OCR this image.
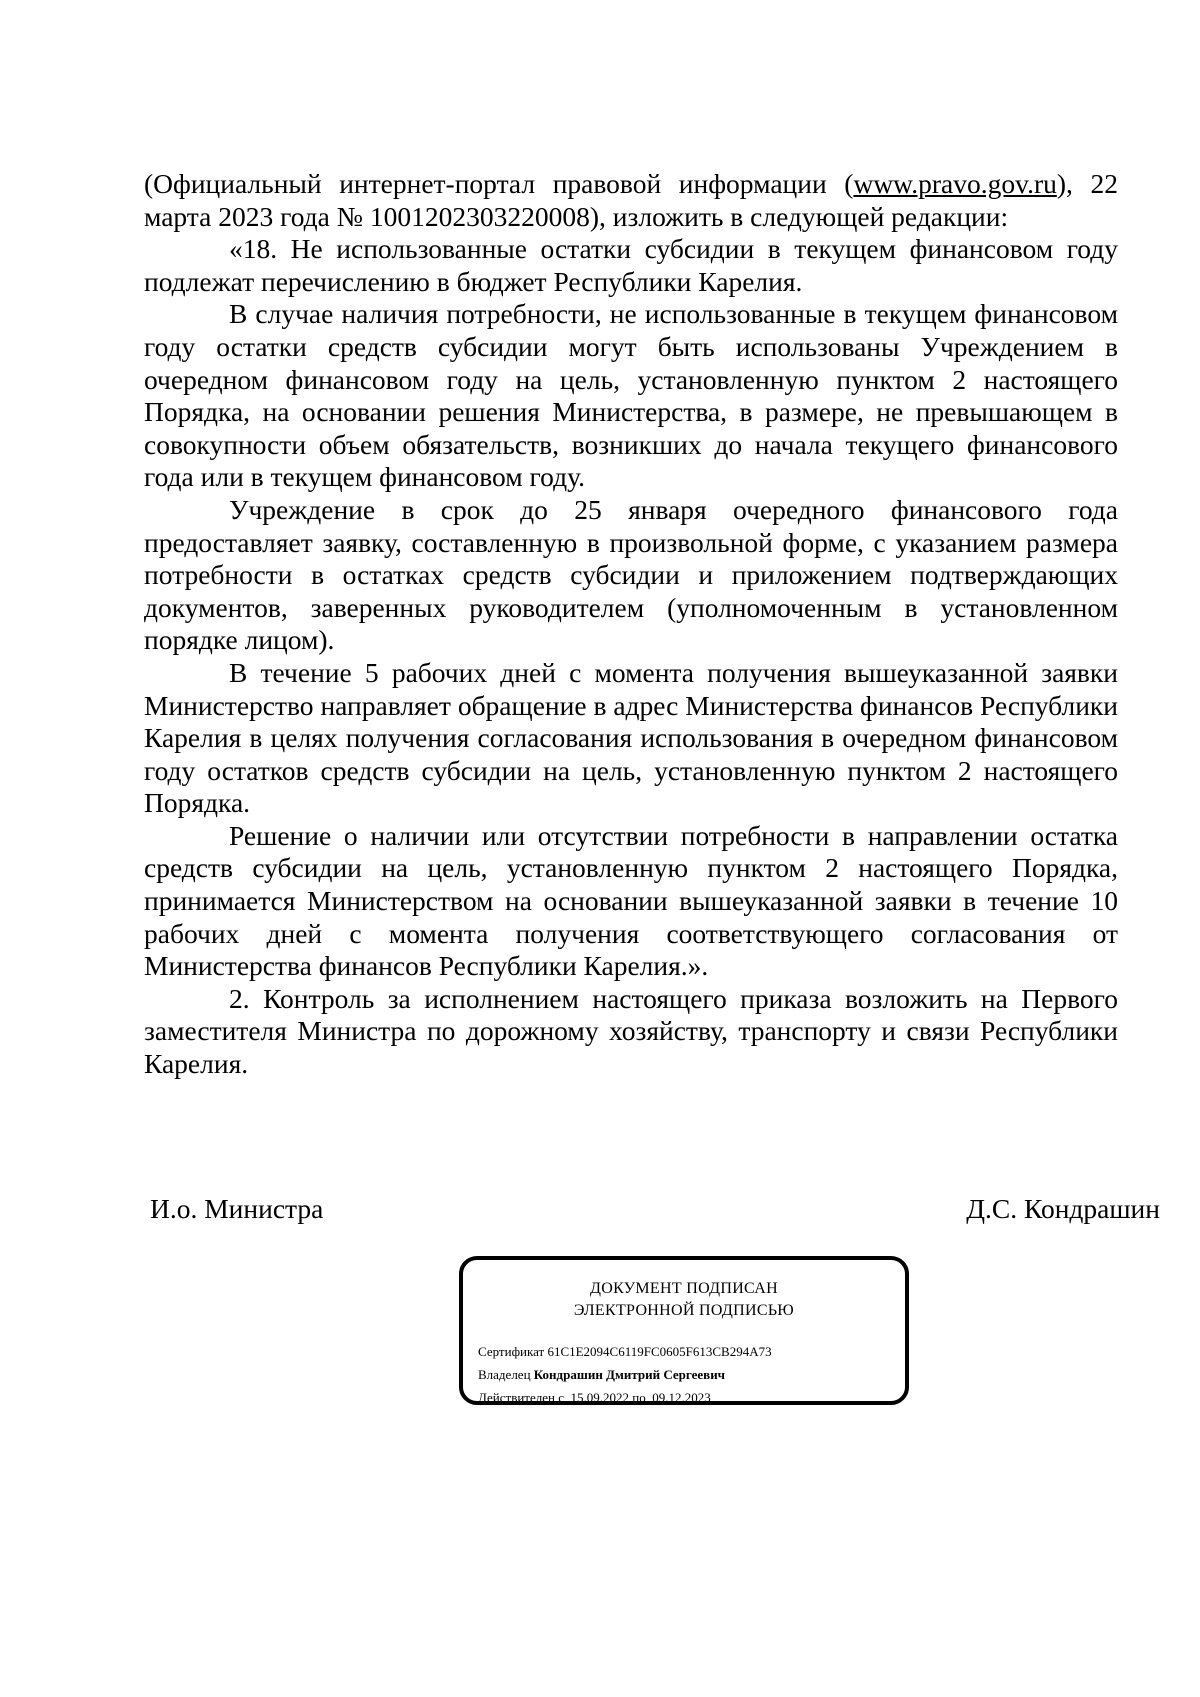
(Официальный интернет-портал правовой информации (www.pravo.gov.ru), 22 марта 2023 года № 1001202303220008), изложить в следующей редакции:

«18. Не использованные остатки субсидии в текущем финансовом году подлежат перечислению в бюджет Республики Карелия.

В случае наличия потребности, не использованные в текущем финансовом году остатки средств субсидии могут быть использованы Учреждением в очередном финансовом году на цель, установленную пунктом 2 настоящего Порядка, на основании решения Министерства, в размере, не превышающем в совокупности объем обязательств, возникших до начала текущего финансового года или в текущем финансовом году.

Учреждение в срок до 25 января очередного финансового года предоставляет заявку, составленную в произвольной форме, с указанием размера потребности в остатках средств субсидии и приложением подтверждающих документов, заверенных руководителем (уполномоченным в установленном порядке лицом).

В течение 5 рабочих дней с момента получения вышеуказанной заявки Министерство направляет обращение в адрес Министерства финансов Республики Карелия в целях получения согласования использования в очередном финансовом году остатков средств субсидии на цель, установленную пунктом 2 настоящего Порядка.

Решение о наличии или отсутствии потребности в направлении остатка средств субсидии на цель, установленную пунктом 2 настоящего Порядка, принимается Министерством на основании вышеуказанной заявки в течение 10 рабочих дней с момента получения соответствующего согласования от Министерства финансов Республики Карелия.».

2. Контроль за исполнением настоящего приказа возложить на Первого заместителя Министра по дорожному хозяйству, транспорту и связи Республики Карелия.

И.о. Министра	Д.С. Кондрашин
ДОКУМЕНТ ПОДПИСАН
ЭЛЕКТРОННОЙ ПОДПИСЬЮ
Сертификат 61C1E2094C6119FC0605F613CB294A73
Владелец Кондрашин Дмитрий Сергеевич
Действителен с 15.09.2022 по 09.12.2023
